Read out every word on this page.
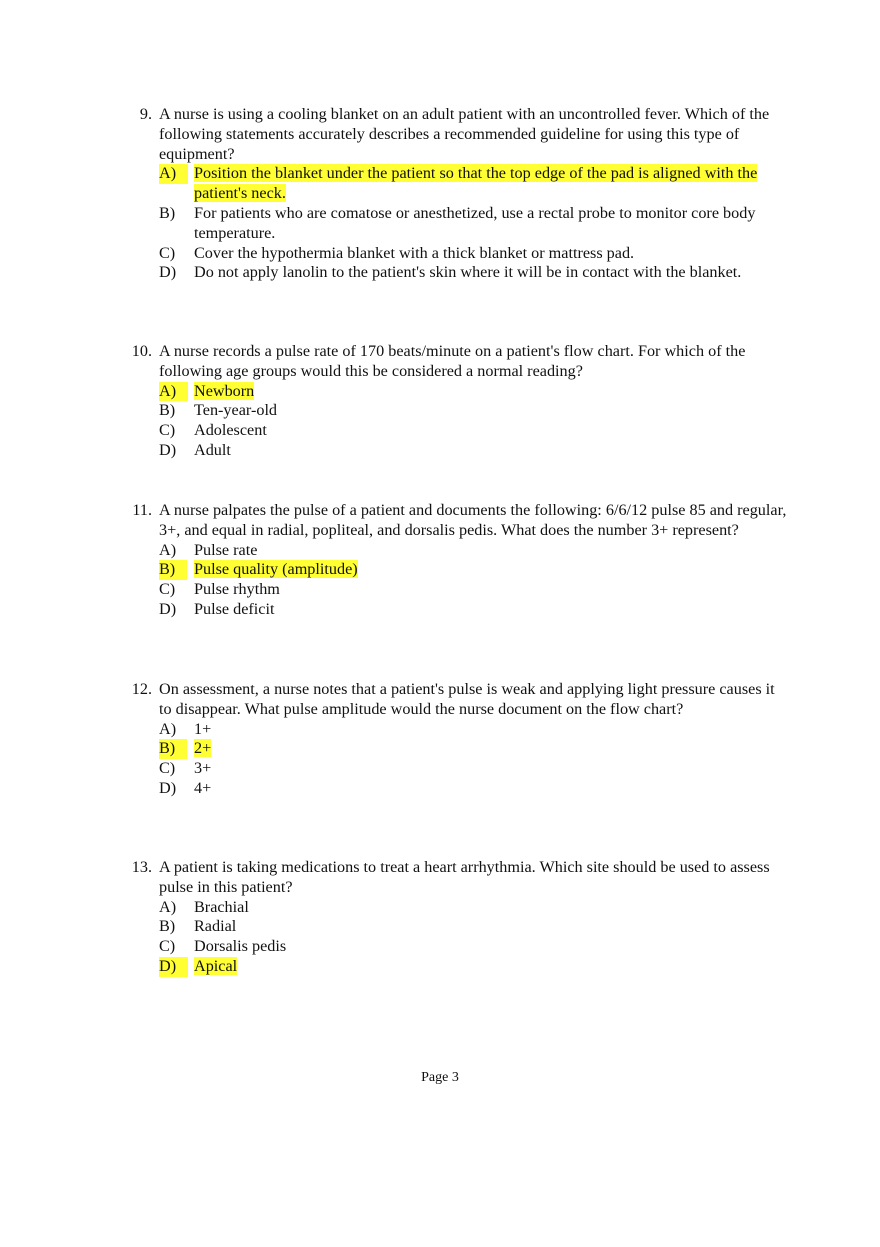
9. A nurse is using a cooling blanket on an adult patient with an uncontrolled fever. Which of the following statements accurately describes a recommended guideline for using this type of equipment?
A)	Position the blanket under the patient so that the top edge of the pad is aligned with the patient's neck.
B) For patients who are comatose or anesthetized, use a rectal probe to monitor core body temperature.
C) Cover the hypothermia blanket with a thick blanket or mattress pad.
D) Do not apply lanolin to the patient's skin where it will be in contact with the blanket.
10. A nurse records a pulse rate of 170 beats/minute on a patient's flow chart. For which of the following age groups would this be considered a normal reading?
A)	Newborn
B) Ten-year-old
C) Adolescent
D) Adult
11. A nurse palpates the pulse of a patient and documents the following: 6/6/12 pulse 85 and regular, 3+, and equal in radial, popliteal, and dorsalis pedis. What does the number 3+ represent?
A) Pulse rate
B)	Pulse quality (amplitude)
C) Pulse rhythm
D) Pulse deficit
12. On assessment, a nurse notes that a patient's pulse is weak and applying light pressure causes it to disappear. What pulse amplitude would the nurse document on the flow chart?
A) 1+
B)	2+
C) 3+
D) 4+
13. A patient is taking medications to treat a heart arrhythmia. Which site should be used to assess pulse in this patient?
A) Brachial
B) Radial
C) Dorsalis pedis
D)	Apical
Page 3
